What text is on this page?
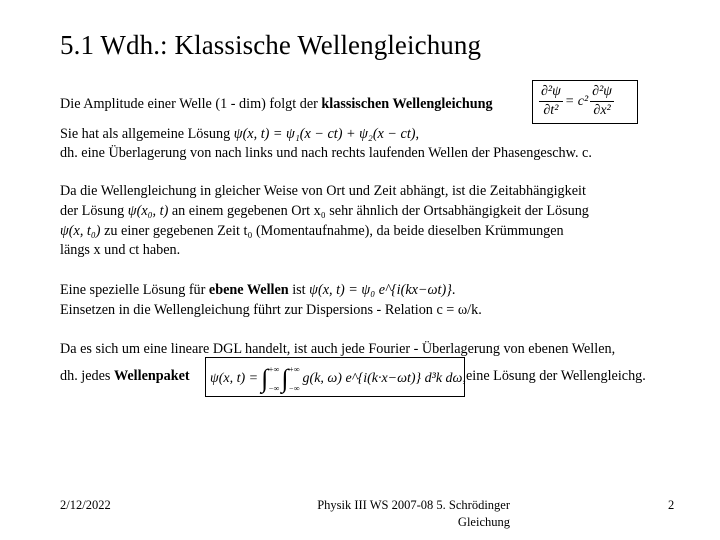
5.1 Wdh.: Klassische Wellengleichung
Die Amplitude einer Welle (1 - dim) folgt der klassischen Wellengleichung	$\frac{\text{∂²ψ}}{\text{∂t²}} = c^2 \frac{\text{∂²ψ}}{\text{∂x²}}$
Sie hat als allgemeine Lösung ψ(x, t) = ψ₁(x − ct) + ψ₂(x − ct),
dh. eine Überlagerung von nach links und nach rechts laufenden Wellen der Phasengeschw. c.
Da die Wellengleichung in gleicher Weise von Ort und Zeit abhängt, ist die Zeitabhängigkeit
der Lösung ψ(x₀, t) an einem gegebenen Ort x₀ sehr ähnlich der Ortsabhängigkeit der Lösung
ψ(x, t₀) zu einer gegebenen Zeit t₀ (Momentaufnahme), da beide dieselben Krümmungen
längs x und ct haben.
Eine spezielle Lösung für ebene Wellen ist ψ(x, t) = ψ₀ e^{i(kx−ωt)}.
Einsetzen in die Wellengleichung führt zur Dispersions - Relation c = ω/k.
Da es sich um eine lineare DGL handelt, ist auch jede Fourier - Überlagerung von ebenen Wellen,
dh. jedes Wellenpaket ψ(x, t) = ∫ +∞
−∞ ∫ +∞
−∞
g(k, ω) e^{i(k·x−ωt)} d³k dω, eine Lösung der Wellengleichg.
2/12/2022	Physik III WS 2007-08 5. Schrödinger
Gleichung
2
